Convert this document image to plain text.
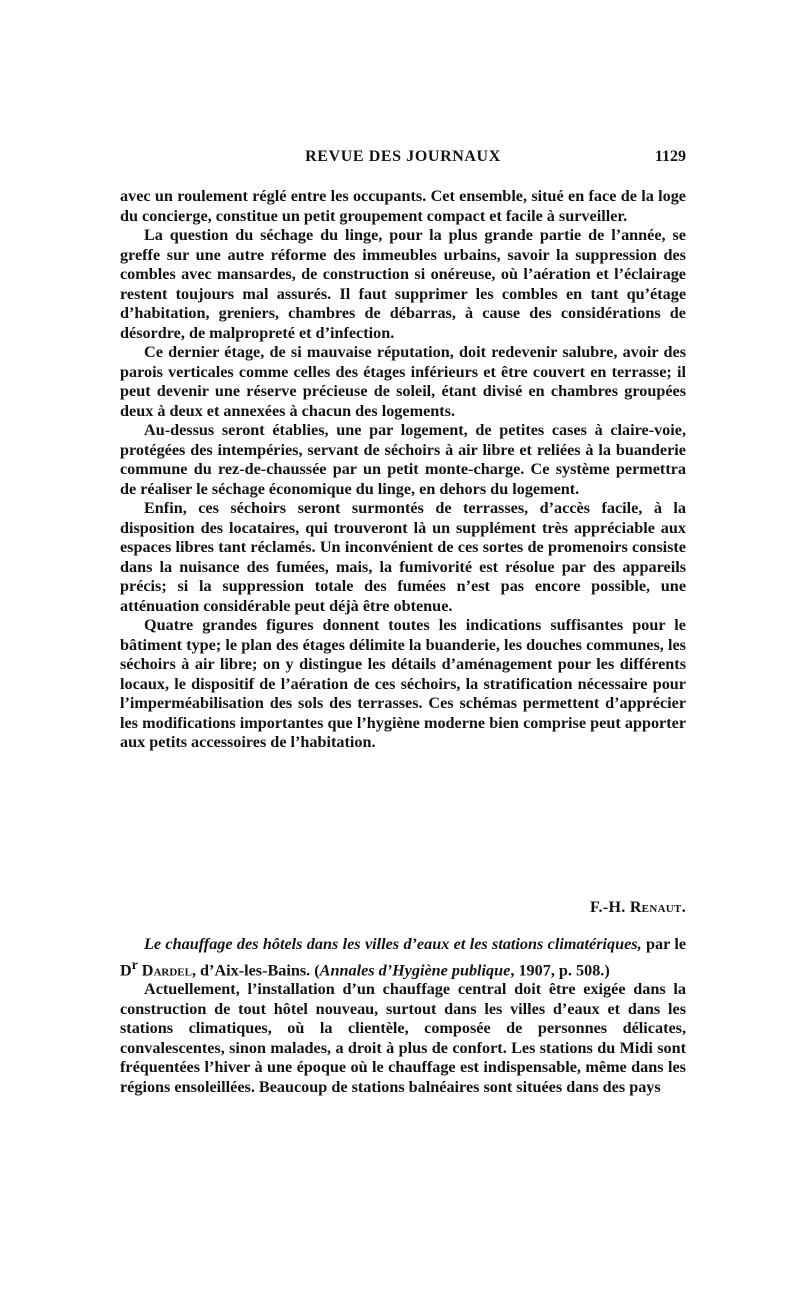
REVUE DES JOURNAUX	1129

avec un roulement réglé entre les occupants. Cet ensemble, situé en face de la loge du concierge, constitue un petit groupement compact et facile à surveiller.

La question du séchage du linge, pour la plus grande partie de l’année, se greffe sur une autre réforme des immeubles urbains, savoir la suppression des combles avec mansardes, de construction si onéreuse, où l’aération et l’éclairage restent toujours mal assurés. Il faut supprimer les combles en tant qu’étage d’habitation, greniers, chambres de débarras, à cause des considérations de désordre, de malpropreté et d’infection.

Ce dernier étage, de si mauvaise réputation, doit redevenir salubre, avoir des parois verticales comme celles des étages inférieurs et être couvert en terrasse; il peut devenir une réserve précieuse de soleil, étant divisé en chambres groupées deux à deux et annexées à chacun des logements.

Au-dessus seront établies, une par logement, de petites cases à claire-voie, protégées des intempéries, servant de séchoirs à air libre et reliées à la buanderie commune du rez-de-chaussée par un petit monte-charge. Ce système permettra de réaliser le séchage économique du linge, en dehors du logement.

Enfin, ces séchoirs seront surmontés de terrasses, d’accès facile, à la disposition des locataires, qui trouveront là un supplément très appréciable aux espaces libres tant réclamés. Un inconvénient de ces sortes de promenoirs consiste dans la nuisance des fumées, mais, la fumivorité est résolue par des appareils précis; si la suppression totale des fumées n’est pas encore possible, une atténuation considérable peut déjà être obtenue.

Quatre grandes figures donnent toutes les indications suffisantes pour le bâtiment type; le plan des étages délimite la buanderie, les douches communes, les séchoirs à air libre; on y distingue les détails d’aménagement pour les différents locaux, le dispositif de l’aération de ces séchoirs, la stratification nécessaire pour l’imperméabilisation des sols des terrasses. Ces schémas permettent d’apprécier les modifications importantes que l’hygiène moderne bien comprise peut apporter aux petits accessoires de l’habitation.

F.-H. Renaut.

Le chauffage des hôtels dans les villes d’eaux et les stations climatériques, par le $D^r$ Dardel, d’Aix-les-Bains. (Annales d’Hygiène publique, 1907, p. 508.)

Actuellement, l’installation d’un chauffage central doit être exigée dans la construction de tout hôtel nouveau, surtout dans les villes d’eaux et dans les stations climatiques, où la clientèle, composée de personnes délicates, convalescentes, sinon malades, a droit à plus de confort. Les stations du Midi sont fréquentées l’hiver à une époque où le chauffage est indispensable, même dans les régions ensoleillées. Beaucoup de stations balnéaires sont situées dans des pays
